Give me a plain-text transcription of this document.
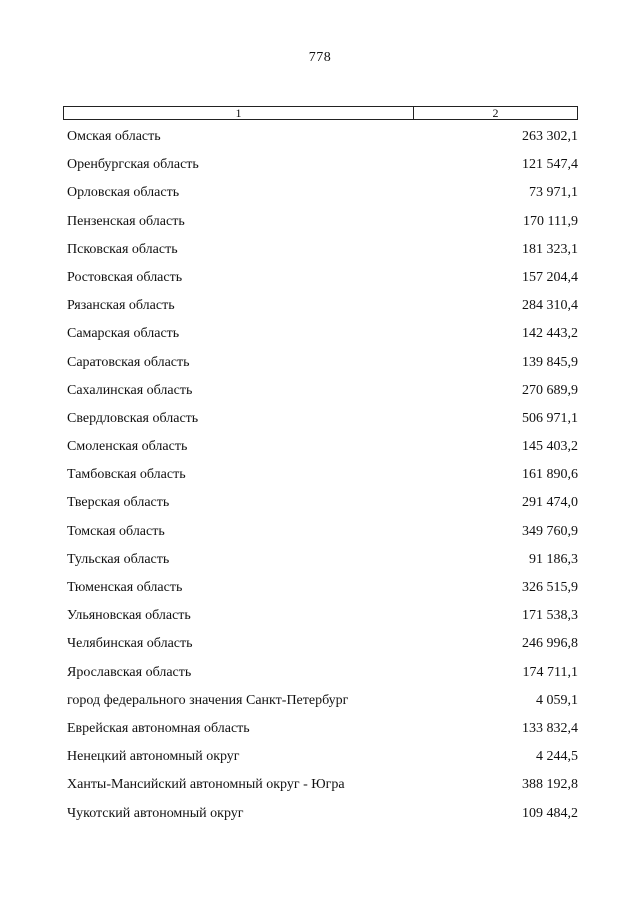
778
1	2
Омская область	263 302,1
Оренбургская область	121 547,4
Орловская область	73 971,1
Пензенская область	170 111,9
Псковская область	181 323,1
Ростовская область	157 204,4
Рязанская область	284 310,4
Самарская область	142 443,2
Саратовская область	139 845,9
Сахалинская область	270 689,9
Свердловская область	506 971,1
Смоленская область	145 403,2
Тамбовская область	161 890,6
Тверская область	291 474,0
Томская область	349 760,9
Тульская область	91 186,3
Тюменская область	326 515,9
Ульяновская область	171 538,3
Челябинская область	246 996,8
Ярославская область	174 711,1
город федерального значения Санкт-Петербург	4 059,1
Еврейская автономная область	133 832,4
Ненецкий автономный округ	4 244,5
Ханты-Мансийский автономный округ - Югра	388 192,8
Чукотский автономный округ	109 484,2
